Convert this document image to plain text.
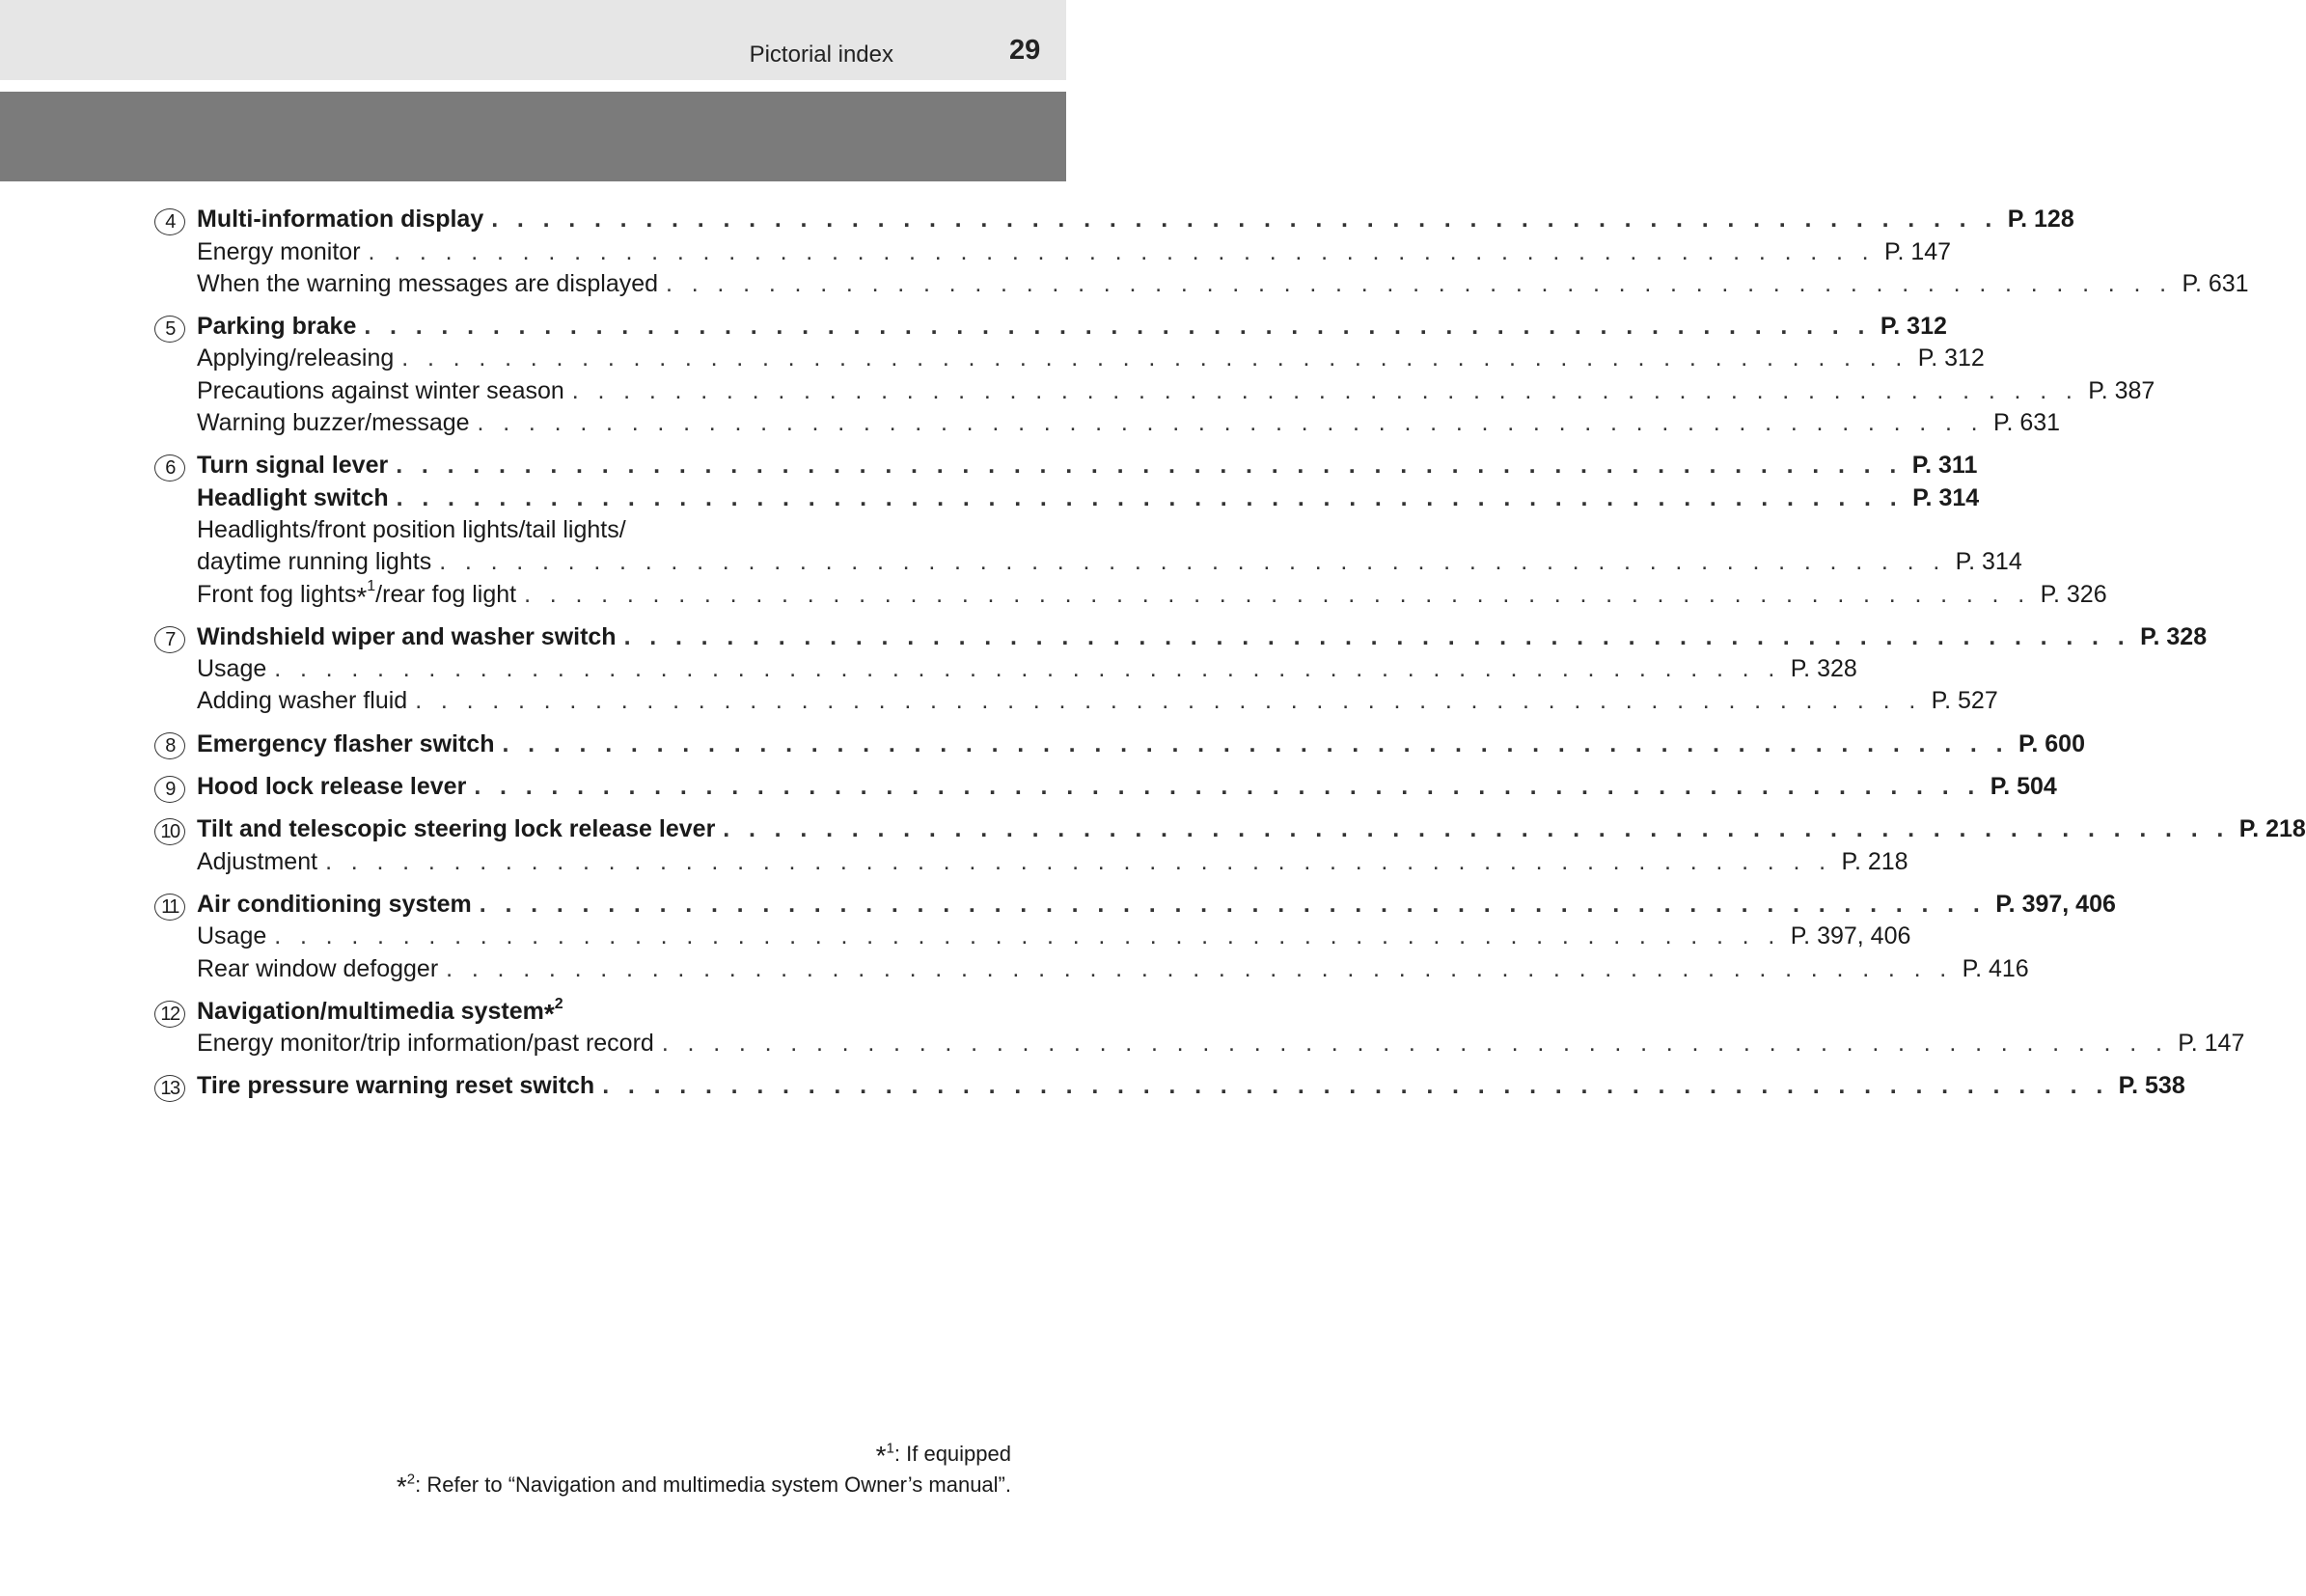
Pictorial index	29
4 Multi-information display . . . . . . . . . . . . . . . . . . . . . . . . . . . . . . . . . . . . . . . . . . . . . . . . . . . . . . . . . . . P. 128
Energy monitor . . . . . . . . . . . . . . . . . . . . . . . . . . . . . . . . . . . . . . . . . . . . . . . . . . . . . . . . . . . P. 147
When the warning messages are displayed . . . . . . . . . . . . . . . . . . . . . . . . . . . . . . . . . . . . . . . . . . . . . . . . . . . . . . . . . . . P. 631
5 Parking brake . . . . . . . . . . . . . . . . . . . . . . . . . . . . . . . . . . . . . . . . . . . . . . . . . . . . . . . . . . . P. 312
Applying/releasing . . . . . . . . . . . . . . . . . . . . . . . . . . . . . . . . . . . . . . . . . . . . . . . . . . . . . . . . . . . P. 312
Precautions against winter season . . . . . . . . . . . . . . . . . . . . . . . . . . . . . . . . . . . . . . . . . . . . . . . . . . . . . . . . . . . P. 387
Warning buzzer/message . . . . . . . . . . . . . . . . . . . . . . . . . . . . . . . . . . . . . . . . . . . . . . . . . . . . . . . . . . . P. 631
6 Turn signal lever . . . . . . . . . . . . . . . . . . . . . . . . . . . . . . . . . . . . . . . . . . . . . . . . . . . . . . . . . . . P. 311
Headlight switch . . . . . . . . . . . . . . . . . . . . . . . . . . . . . . . . . . . . . . . . . . . . . . . . . . . . . . . . . . . P. 314
Headlights/front position lights/tail lights/
daytime running lights . . . . . . . . . . . . . . . . . . . . . . . . . . . . . . . . . . . . . . . . . . . . . . . . . . . . . . . . . . . P. 314
Front fog lights*$^1$/rear fog light . . . . . . . . . . . . . . . . . . . . . . . . . . . . . . . . . . . . . . . . . . . . . . . . . . . . . . . . . . . P. 326
7 Windshield wiper and washer switch . . . . . . . . . . . . . . . . . . . . . . . . . . . . . . . . . . . . . . . . . . . . . . . . . . . . . . . . . . . P. 328
Usage . . . . . . . . . . . . . . . . . . . . . . . . . . . . . . . . . . . . . . . . . . . . . . . . . . . . . . . . . . . P. 328
Adding washer fluid . . . . . . . . . . . . . . . . . . . . . . . . . . . . . . . . . . . . . . . . . . . . . . . . . . . . . . . . . . . P. 527
8 Emergency flasher switch . . . . . . . . . . . . . . . . . . . . . . . . . . . . . . . . . . . . . . . . . . . . . . . . . . . . . . . . . . . P. 600
9 Hood lock release lever . . . . . . . . . . . . . . . . . . . . . . . . . . . . . . . . . . . . . . . . . . . . . . . . . . . . . . . . . . . P. 504
10 Tilt and telescopic steering lock release lever . . . . . . . . . . . . . . . . . . . . . . . . . . . . . . . . . . . . . . . . . . . . . . . . . . . . . . . . . . . P. 218
Adjustment . . . . . . . . . . . . . . . . . . . . . . . . . . . . . . . . . . . . . . . . . . . . . . . . . . . . . . . . . . . P. 218
11 Air conditioning system . . . . . . . . . . . . . . . . . . . . . . . . . . . . . . . . . . . . . . . . . . . . . . . . . . . . . . . . . . . P. 397, 406
Usage . . . . . . . . . . . . . . . . . . . . . . . . . . . . . . . . . . . . . . . . . . . . . . . . . . . . . . . . . . . P. 397, 406
Rear window defogger . . . . . . . . . . . . . . . . . . . . . . . . . . . . . . . . . . . . . . . . . . . . . . . . . . . . . . . . . . . P. 416
12 Navigation/multimedia system*$^2$
Energy monitor/trip information/past record . . . . . . . . . . . . . . . . . . . . . . . . . . . . . . . . . . . . . . . . . . . . . . . . . . . . . . . . . . . P. 147
13 Tire pressure warning reset switch . . . . . . . . . . . . . . . . . . . . . . . . . . . . . . . . . . . . . . . . . . . . . . . . . . . . . . . . . . . P. 538
*$^1$: If equipped
*$^2$: Refer to “Navigation and multimedia system Owner’s manual”.
